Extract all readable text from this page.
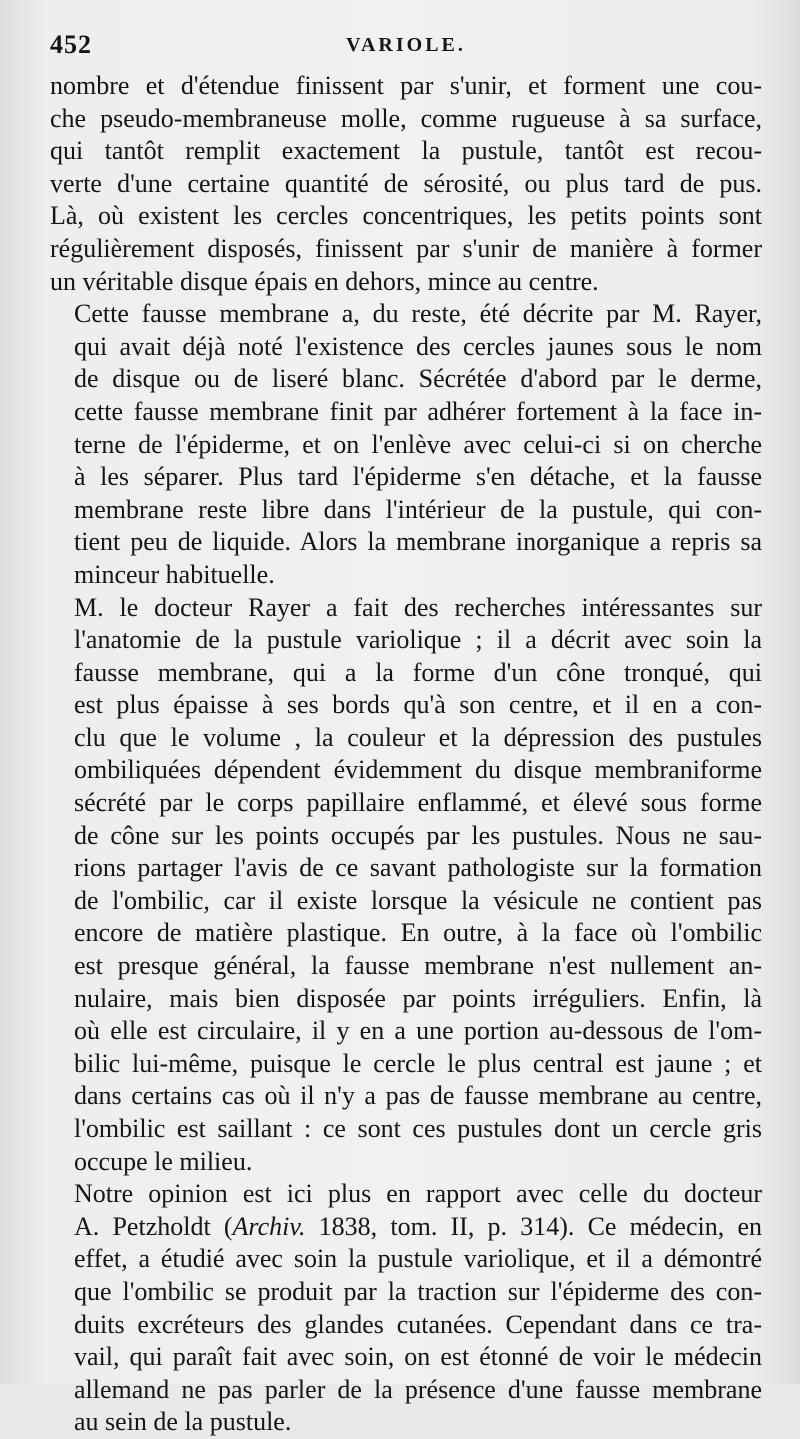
452	VARIOLE.

nombre et d'étendue finissent par s'unir, et forment une cou-
che pseudo-membraneuse molle, comme rugueuse à sa surface,
qui tantôt remplit exactement la pustule, tantôt est recou-
verte d'une certaine quantité de sérosité, ou plus tard de pus.
Là, où existent les cercles concentriques, les petits points sont
régulièrement disposés, finissent par s'unir de manière à former
un véritable disque épais en dehors, mince au centre.

Cette fausse membrane a, du reste, été décrite par M. Rayer,
qui avait déjà noté l'existence des cercles jaunes sous le nom
de disque ou de liseré blanc. Sécrétée d'abord par le derme,
cette fausse membrane finit par adhérer fortement à la face in-
terne de l'épiderme, et on l'enlève avec celui-ci si on cherche
à les séparer. Plus tard l'épiderme s'en détache, et la fausse
membrane reste libre dans l'intérieur de la pustule, qui con-
tient peu de liquide. Alors la membrane inorganique a repris sa
minceur habituelle.

M. le docteur Rayer a fait des recherches intéressantes sur
l'anatomie de la pustule variolique ; il a décrit avec soin la
fausse membrane, qui a la forme d'un cône tronqué, qui
est plus épaisse à ses bords qu'à son centre, et il en a con-
clu que le volume , la couleur et la dépression des pustules
ombiliquées dépendent évidemment du disque membraniforme
sécrété par le corps papillaire enflammé, et élevé sous forme
de cône sur les points occupés par les pustules. Nous ne sau-
rions partager l'avis de ce savant pathologiste sur la formation
de l'ombilic, car il existe lorsque la vésicule ne contient pas
encore de matière plastique. En outre, à la face où l'ombilic
est presque général, la fausse membrane n'est nullement an-
nulaire, mais bien disposée par points irréguliers. Enfin, là
où elle est circulaire, il y en a une portion au-dessous de l'om-
bilic lui-même, puisque le cercle le plus central est jaune ; et
dans certains cas où il n'y a pas de fausse membrane au centre,
l'ombilic est saillant : ce sont ces pustules dont un cercle gris
occupe le milieu.

Notre opinion est ici plus en rapport avec celle du docteur
A. Petzholdt (Archiv. 1838, tom. II, p. 314). Ce médecin, en
effet, a étudié avec soin la pustule variolique, et il a démontré
que l'ombilic se produit par la traction sur l'épiderme des con-
duits excréteurs des glandes cutanées. Cependant dans ce tra-
vail, qui paraît fait avec soin, on est étonné de voir le médecin
allemand ne pas parler de la présence d'une fausse membrane
au sein de la pustule.
